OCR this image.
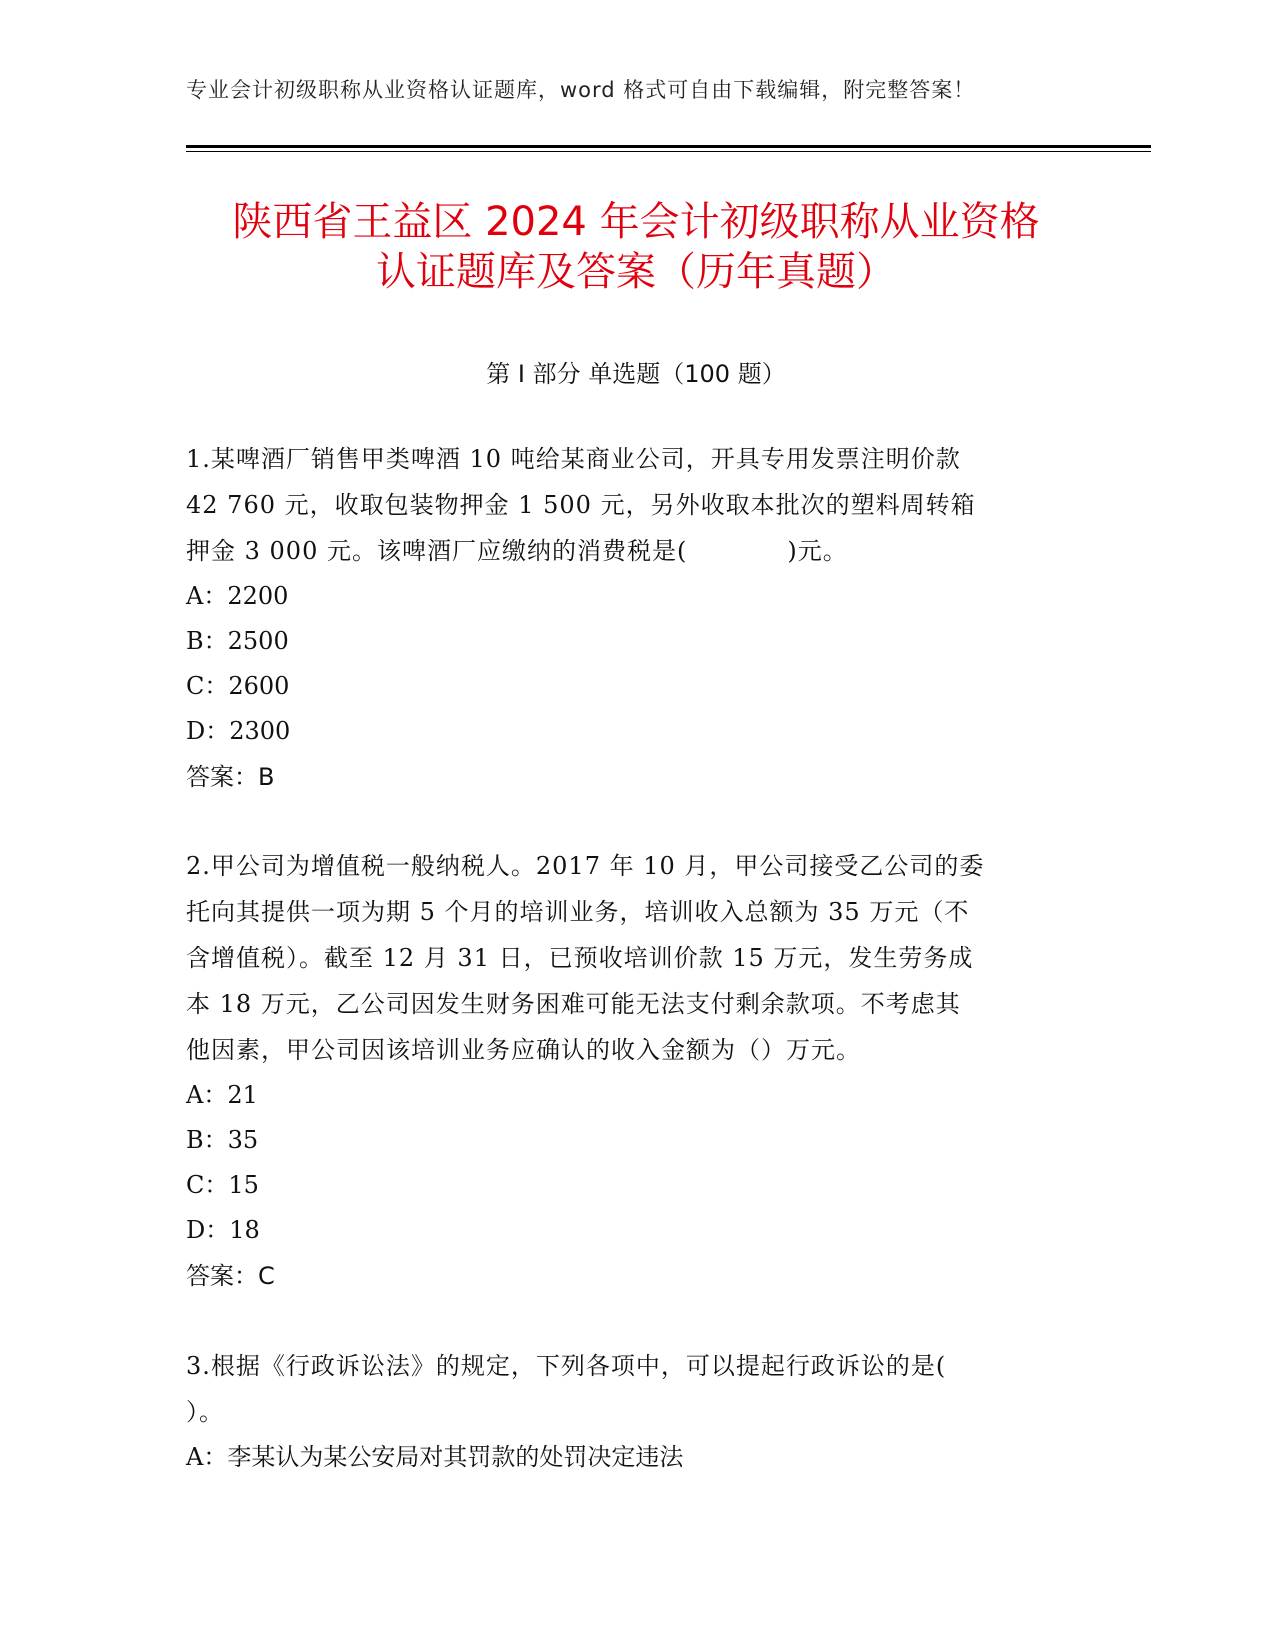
专业会计初级职称从业资格认证题库，word 格式可自由下载编辑，附完整答案！
陕西省王益区 2024 年会计初级职称从业资格
认证题库及答案（历年真题）
第 I 部分 单选题（100 题）
1.某啤酒厂销售甲类啤酒 10 吨给某商业公司，开具专用发票注明价款
42 760 元，收取包装物押金 1 500 元，另外收取本批次的塑料周转箱
押金 3 000 元。该啤酒厂应缴纳的消费税是(　　　　)元。
A：2200
B：2500
C：2600
D：2300
答案：B
2.甲公司为增值税一般纳税人。2017 年 10 月，甲公司接受乙公司的委
托向其提供一项为期 5 个月的培训业务，培训收入总额为 35 万元（不
含增值税）。截至 12 月 31 日，已预收培训价款 15 万元，发生劳务成
本 18 万元，乙公司因发生财务困难可能无法支付剩余款项。不考虑其
他因素，甲公司因该培训业务应确认的收入金额为（）万元。
A：21
B：35
C：15
D：18
答案：C
3.根据《行政诉讼法》的规定，下列各项中，可以提起行政诉讼的是(
）。
A：李某认为某公安局对其罚款的处罚决定违法
